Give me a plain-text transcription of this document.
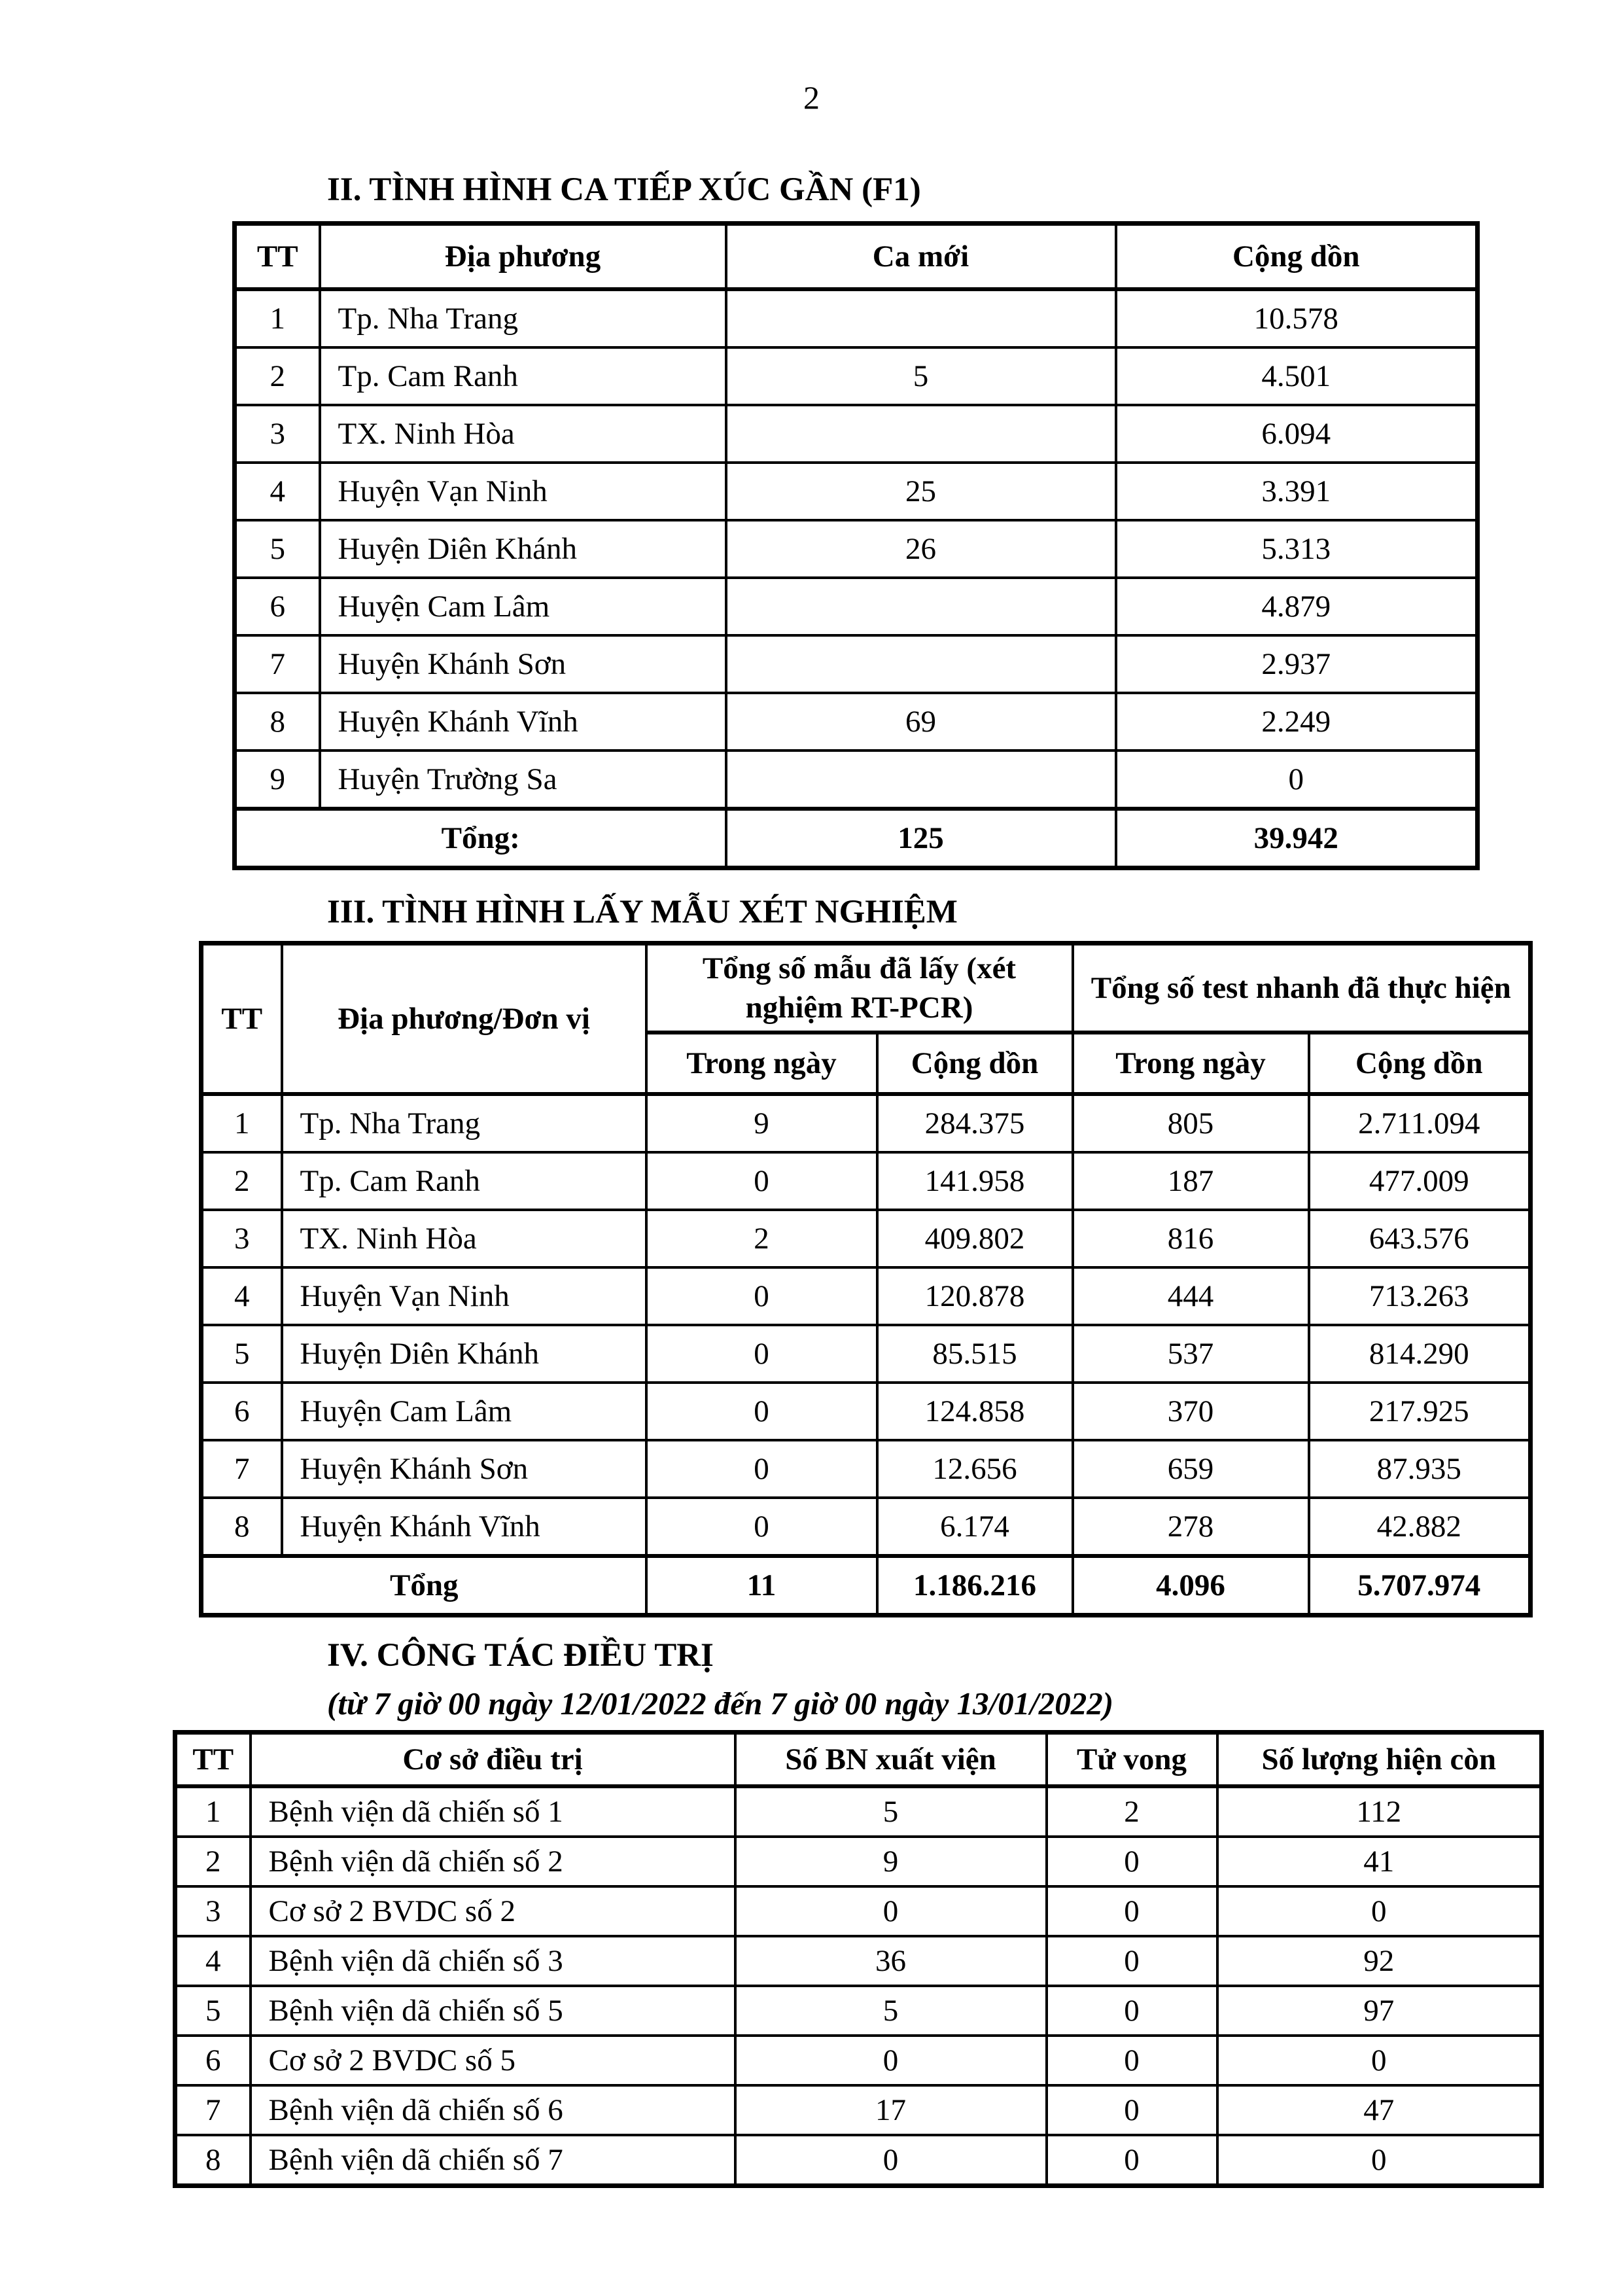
2
II. TÌNH HÌNH CA TIẾP XÚC GẦN (F1)
TT	Địa phương	Ca mới	Cộng dồn
1	Tp. Nha Trang		10.578
2	Tp. Cam Ranh	5	4.501
3	TX. Ninh Hòa		6.094
4	Huyện Vạn Ninh	25	3.391
5	Huyện Diên Khánh	26	5.313
6	Huyện Cam Lâm		4.879
7	Huyện Khánh Sơn		2.937
8	Huyện Khánh Vĩnh	69	2.249
9	Huyện Trường Sa		0
Tổng:		125	39.942
III. TÌNH HÌNH LẤY MẪU XÉT NGHIỆM
TT	Địa phương/Đơn vị	Tổng số mẫu đã lấy (xét nghiệm RT-PCR)		Tổng số test nhanh đã thực hiện	
		Trong ngày	Cộng dồn	Trong ngày	Cộng dồn
1	Tp. Nha Trang	9	284.375	805	2.711.094
2	Tp. Cam Ranh	0	141.958	187	477.009
3	TX. Ninh Hòa	2	409.802	816	643.576
4	Huyện Vạn Ninh	0	120.878	444	713.263
5	Huyện Diên Khánh	0	85.515	537	814.290
6	Huyện Cam Lâm	0	124.858	370	217.925
7	Huyện Khánh Sơn	0	12.656	659	87.935
8	Huyện Khánh Vĩnh	0	6.174	278	42.882
Tổng		11	1.186.216	4.096	5.707.974
IV. CÔNG TÁC ĐIỀU TRỊ
(từ 7 giờ 00 ngày 12/01/2022 đến 7 giờ 00 ngày 13/01/2022)
TT	Cơ sở điều trị	Số BN xuất viện	Tử vong	Số lượng hiện còn
1	Bệnh viện dã chiến số 1	5	2	112
2	Bệnh viện dã chiến số 2	9	0	41
3	Cơ sở 2 BVDC số 2	0	0	0
4	Bệnh viện dã chiến số 3	36	0	92
5	Bệnh viện dã chiến số 5	5	0	97
6	Cơ sở 2 BVDC số 5	0	0	0
7	Bệnh viện dã chiến số 6	17	0	47
8	Bệnh viện dã chiến số 7	0	0	0
